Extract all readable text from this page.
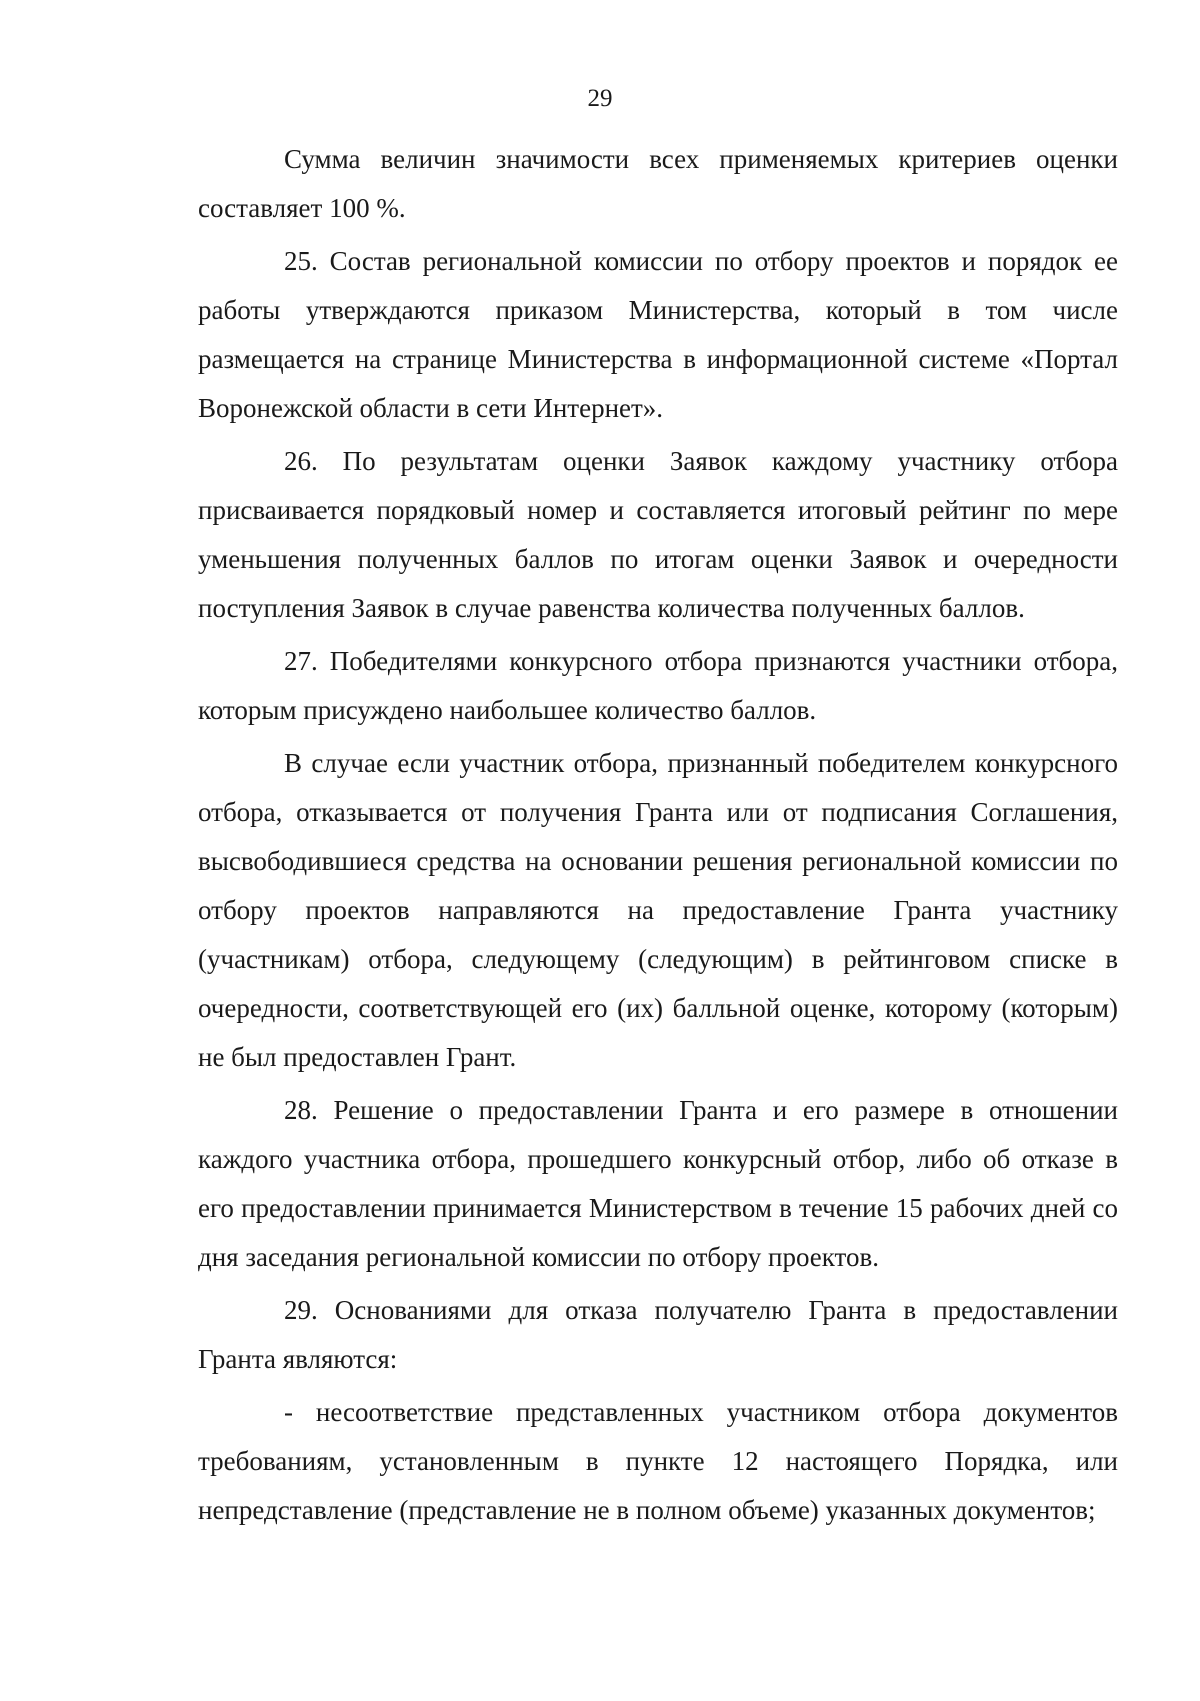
29

Сумма величин значимости всех применяемых критериев оценки составляет 100 %.

25. Состав региональной комиссии по отбору проектов и порядок ее работы утверждаются приказом Министерства, который в том числе размещается на странице Министерства в информационной системе «Портал Воронежской области в сети Интернет».

26. По результатам оценки Заявок каждому участнику отбора присваивается порядковый номер и составляется итоговый рейтинг по мере уменьшения полученных баллов по итогам оценки Заявок и очередности поступления Заявок в случае равенства количества полученных баллов.

27. Победителями конкурсного отбора признаются участники отбора, которым присуждено наибольшее количество баллов.

В случае если участник отбора, признанный победителем конкурсного отбора, отказывается от получения Гранта или от подписания Соглашения, высвободившиеся средства на основании решения региональной комиссии по отбору проектов направляются на предоставление Гранта участнику (участникам) отбора, следующему (следующим) в рейтинговом списке в очередности, соответствующей его (их) балльной оценке, которому (которым) не был предоставлен Грант.

28. Решение о предоставлении Гранта и его размере в отношении каждого участника отбора, прошедшего конкурсный отбор, либо об отказе в его предоставлении принимается Министерством в течение 15 рабочих дней со дня заседания региональной комиссии по отбору проектов.

29. Основаниями для отказа получателю Гранта в предоставлении Гранта являются:

- несоответствие представленных участником отбора документов требованиям, установленным в пункте 12 настоящего Порядка, или непредставление (представление не в полном объеме) указанных документов;
